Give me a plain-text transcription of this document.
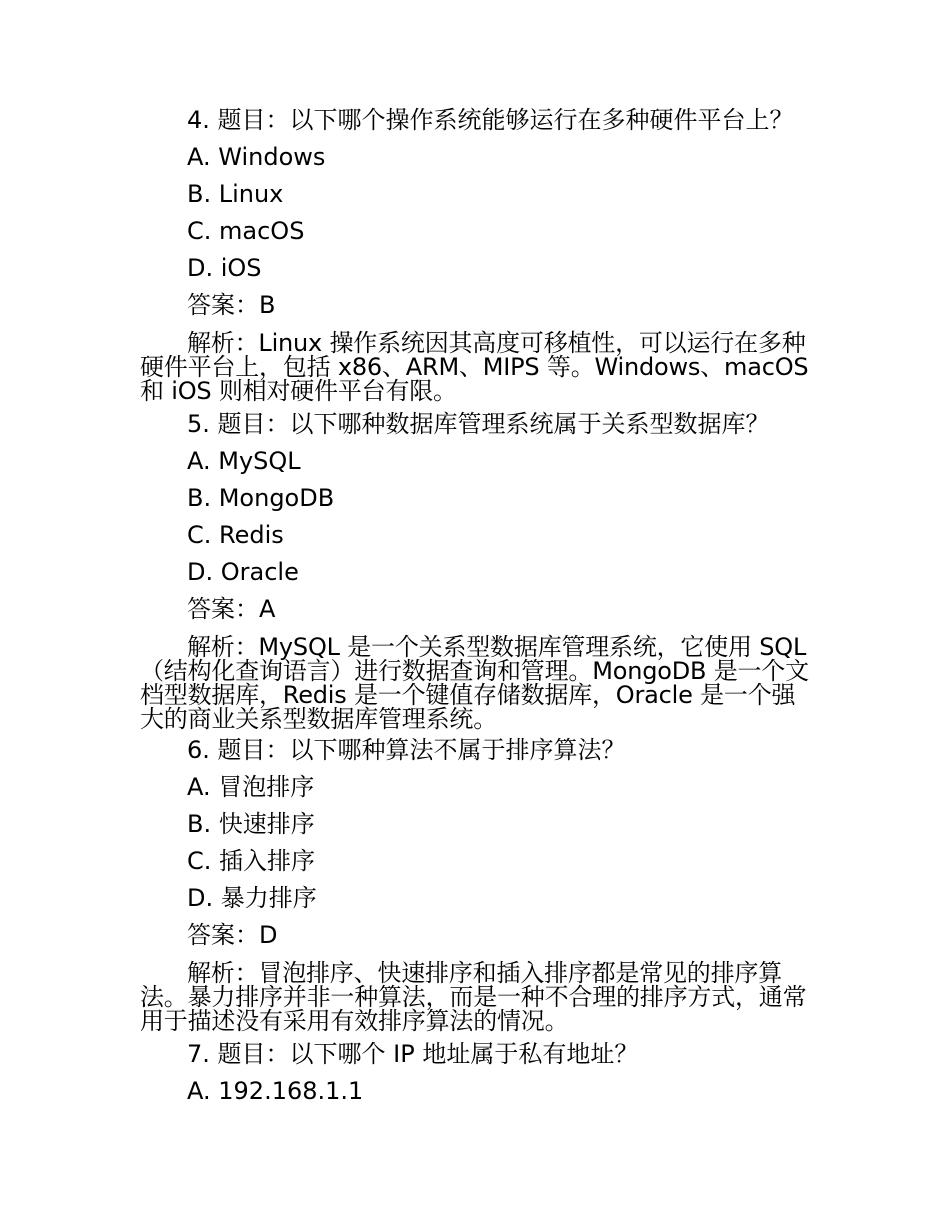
4. 题目：以下哪个操作系统能够运行在多种硬件平台上？
A. Windows
B. Linux
C. macOS
D. iOS
答案：B

解析：Linux 操作系统因其高度可移植性，可以运行在多种硬件平台上，包括 x86、ARM、MIPS 等。Windows、macOS 和 iOS 则相对硬件平台有限。

5. 题目：以下哪种数据库管理系统属于关系型数据库？
A. MySQL
B. MongoDB
C. Redis
D. Oracle
答案：A

解析：MySQL 是一个关系型数据库管理系统，它使用 SQL（结构化查询语言）进行数据查询和管理。MongoDB 是一个文档型数据库，Redis 是一个键值存储数据库，Oracle 是一个强大的商业关系型数据库管理系统。

6. 题目：以下哪种算法不属于排序算法？
A. 冒泡排序
B. 快速排序
C. 插入排序
D. 暴力排序
答案：D

解析：冒泡排序、快速排序和插入排序都是常见的排序算法。暴力排序并非一种算法，而是一种不合理的排序方式，通常用于描述没有采用有效排序算法的情况。

7. 题目：以下哪个 IP 地址属于私有地址？
A. 192.168.1.1
